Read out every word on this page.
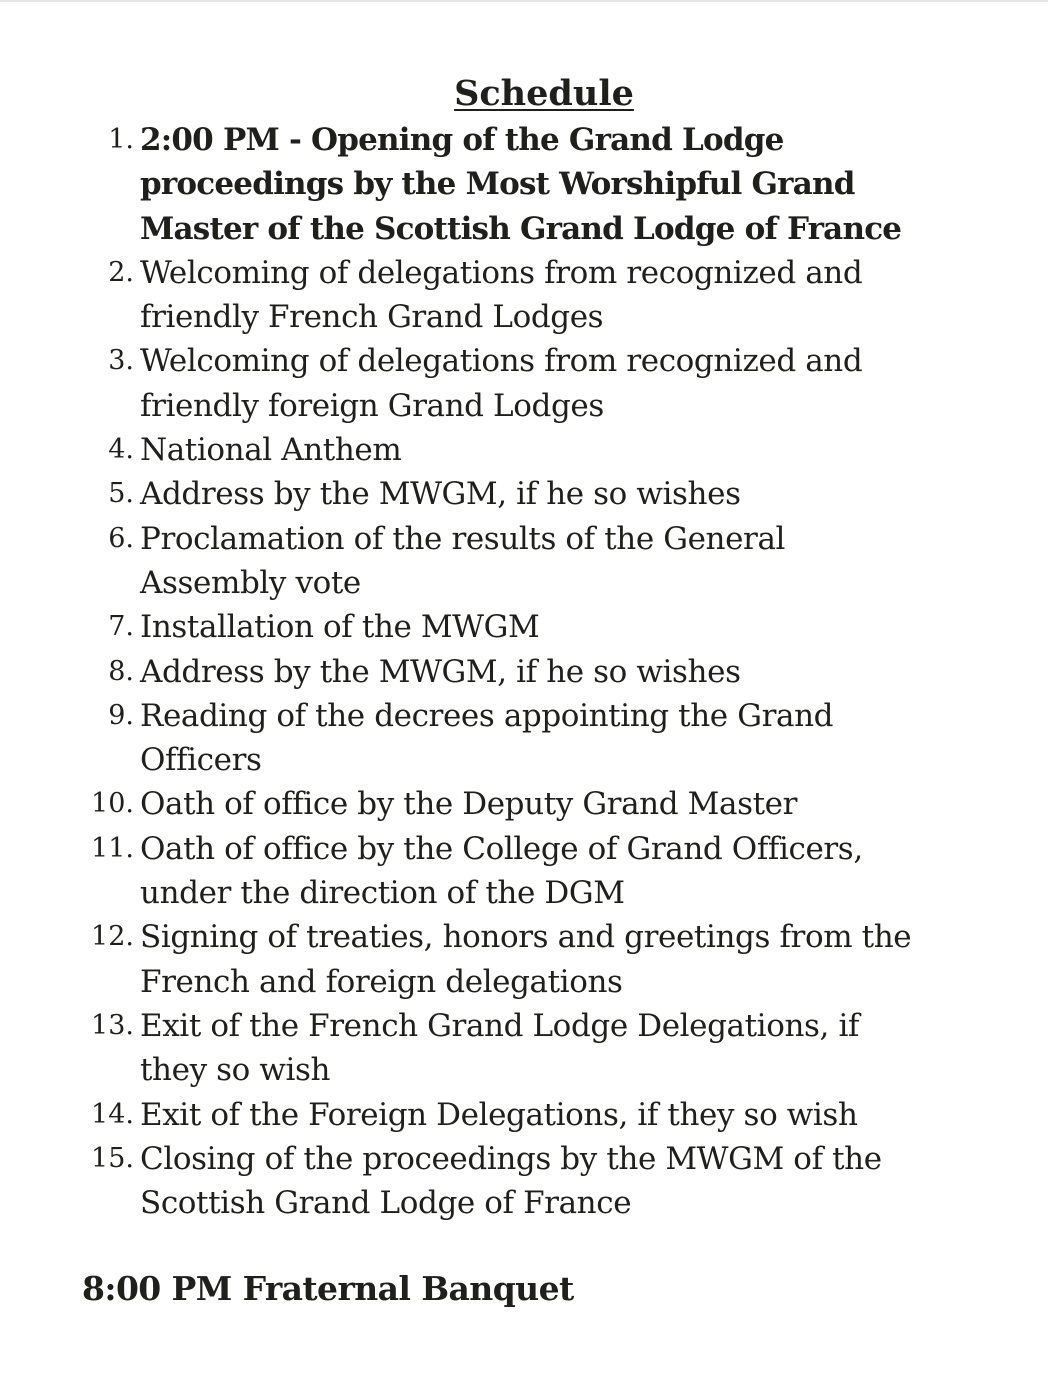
Schedule
1. 2:00 PM - Opening of the Grand Lodge
proceedings by the Most Worshipful Grand
Master of the Scottish Grand Lodge of France
2. Welcoming of delegations from recognized and
friendly French Grand Lodges
3. Welcoming of delegations from recognized and
friendly foreign Grand Lodges
4. National Anthem
5. Address by the MWGM, if he so wishes
6. Proclamation of the results of the General
Assembly vote
7. Installation of the MWGM
8. Address by the MWGM, if he so wishes
9. Reading of the decrees appointing the Grand
Officers
10. Oath of office by the Deputy Grand Master
11. Oath of office by the College of Grand Officers,
under the direction of the DGM
12. Signing of treaties, honors and greetings from the
French and foreign delegations
13. Exit of the French Grand Lodge Delegations, if
they so wish
14. Exit of the Foreign Delegations, if they so wish
15. Closing of the proceedings by the MWGM of the
Scottish Grand Lodge of France

8:00 PM Fraternal Banquet
